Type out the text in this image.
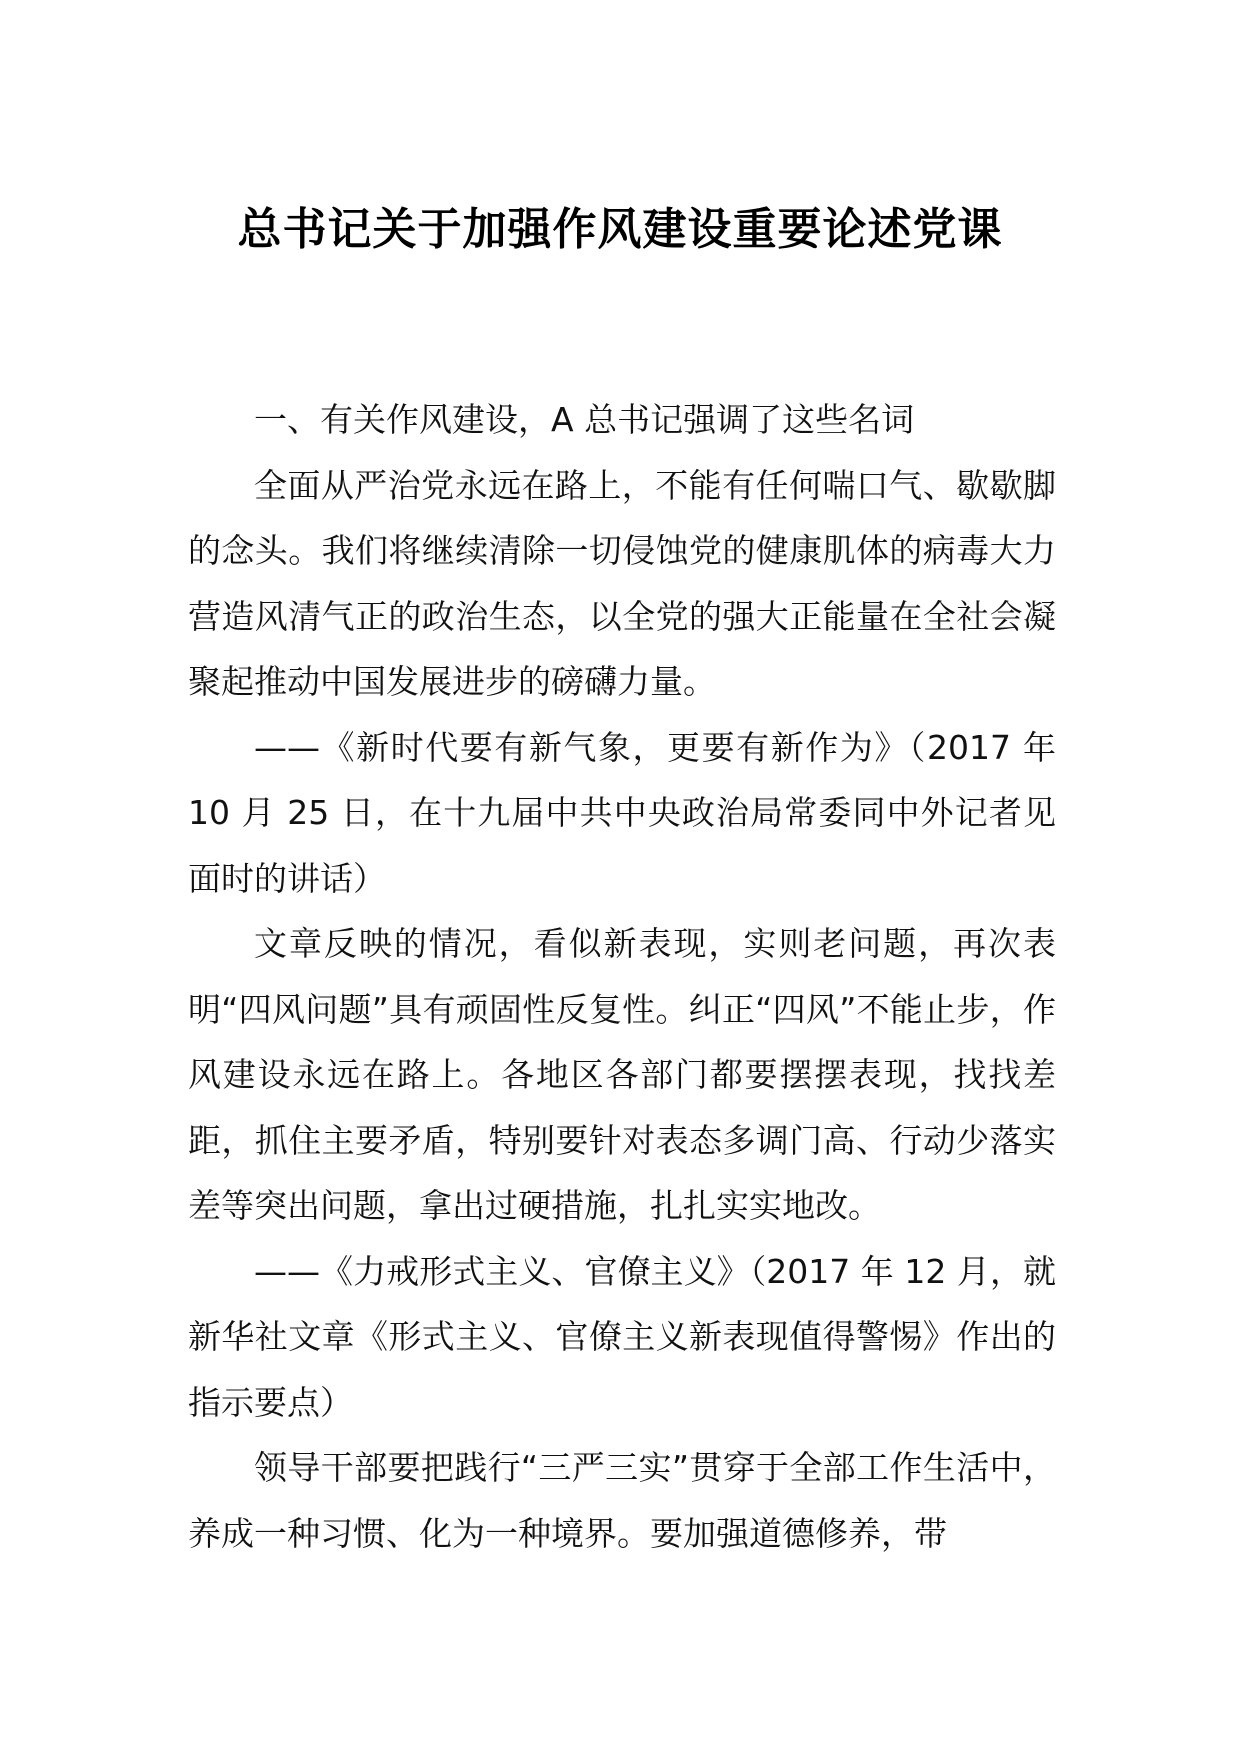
总书记关于加强作风建设重要论述党课

一、有关作风建设，A 总书记强调了这些名词

全面从严治党永远在路上，不能有任何喘口气、歇歇脚的念头。我们将继续清除一切侵蚀党的健康肌体的病毒大力营造风清气正的政治生态，以全党的强大正能量在全社会凝聚起推动中国发展进步的磅礴力量。

——《新时代要有新气象，更要有新作为》（2017 年 10 月 25 日，在十九届中共中央政治局常委同中外记者见面时的讲话）

文章反映的情况，看似新表现，实则老问题，再次表明“四风问题”具有顽固性反复性。纠正“四风”不能止步，作风建设永远在路上。各地区各部门都要摆摆表现，找找差距，抓住主要矛盾，特别要针对表态多调门高、行动少落实差等突出问题，拿出过硬措施，扎扎实实地改。

——《力戒形式主义、官僚主义》（2017 年 12 月，就新华社文章《形式主义、官僚主义新表现值得警惕》作出的指示要点）

领导干部要把践行“三严三实”贯穿于全部工作生活中，养成一种习惯、化为一种境界。要加强道德修养，带
